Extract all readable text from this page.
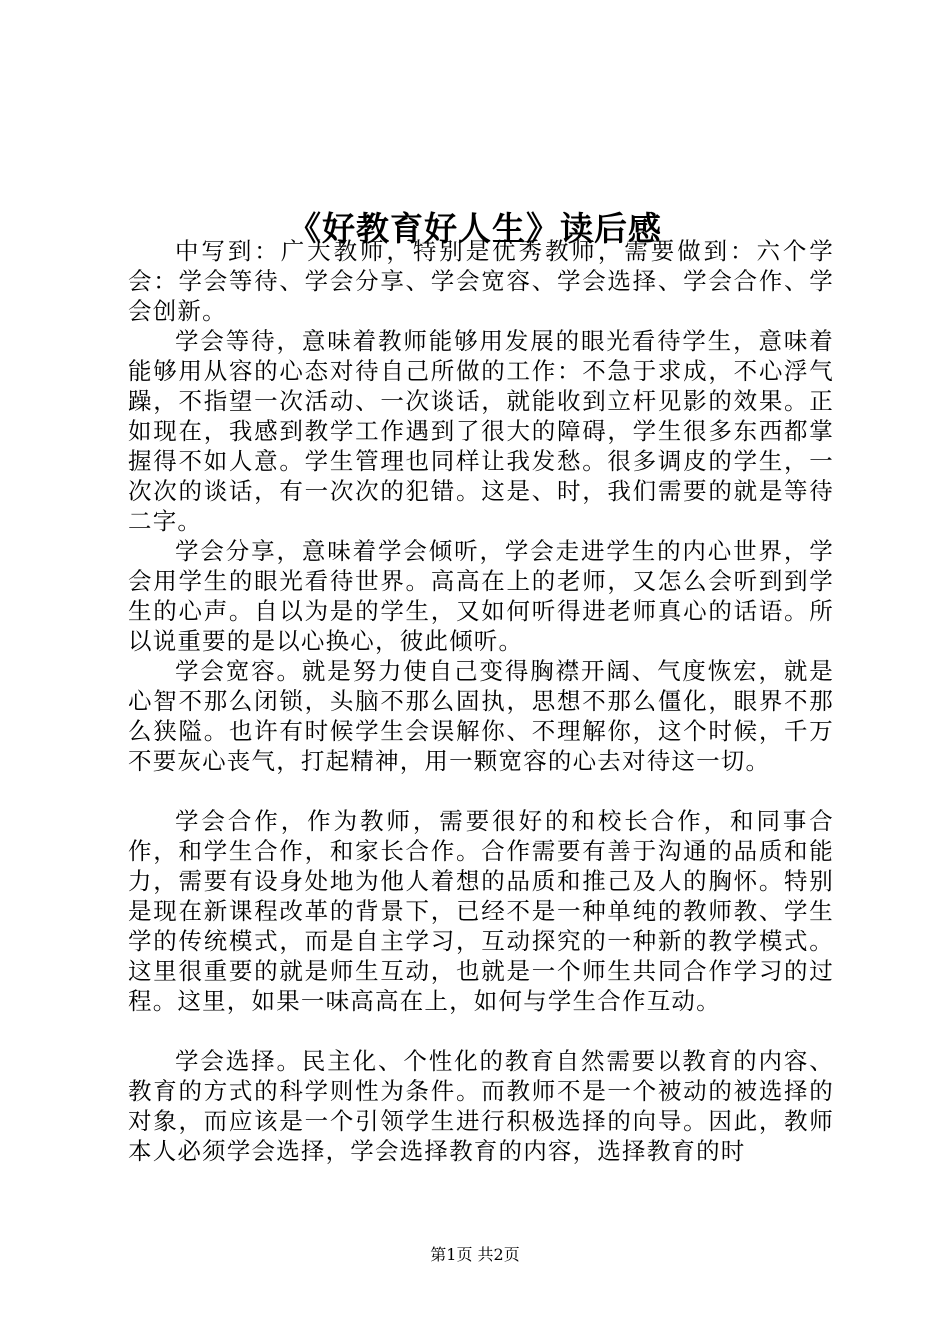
《好教育好人生》读后感

中写到：广大教师，特别是优秀教师，需要做到：六个学会：学会等待、学会分享、学会宽容、学会选择、学会合作、学会创新。

学会等待，意味着教师能够用发展的眼光看待学生，意味着能够用从容的心态对待自己所做的工作：不急于求成，不心浮气躁，不指望一次活动、一次谈话，就能收到立杆见影的效果。正如现在，我感到教学工作遇到了很大的障碍，学生很多东西都掌握得不如人意。学生管理也同样让我发愁。很多调皮的学生，一次次的谈话，有一次次的犯错。这是、时，我们需要的就是等待二字。

学会分享，意味着学会倾听，学会走进学生的内心世界，学会用学生的眼光看待世界。高高在上的老师，又怎么会听到到学生的心声。自以为是的学生，又如何听得进老师真心的话语。所以说重要的是以心换心，彼此倾听。

学会宽容。就是努力使自己变得胸襟开阔、气度恢宏，就是心智不那么闭锁，头脑不那么固执，思想不那么僵化，眼界不那么狭隘。也许有时候学生会误解你、不理解你，这个时候，千万不要灰心丧气，打起精神，用一颗宽容的心去对待这一切。

学会合作，作为教师，需要很好的和校长合作，和同事合作，和学生合作，和家长合作。合作需要有善于沟通的品质和能力，需要有设身处地为他人着想的品质和推己及人的胸怀。特别是现在新课程改革的背景下，已经不是一种单纯的教师教、学生学的传统模式，而是自主学习，互动探究的一种新的教学模式。这里很重要的就是师生互动，也就是一个师生共同合作学习的过程。这里，如果一味高高在上，如何与学生合作互动。

学会选择。民主化、个性化的教育自然需要以教育的内容、教育的方式的科学则性为条件。而教师不是一个被动的被选择的对象，而应该是一个引领学生进行积极选择的向导。因此，教师本人必须学会选择，学会选择教育的内容，选择教育的时

第1页 共2页
